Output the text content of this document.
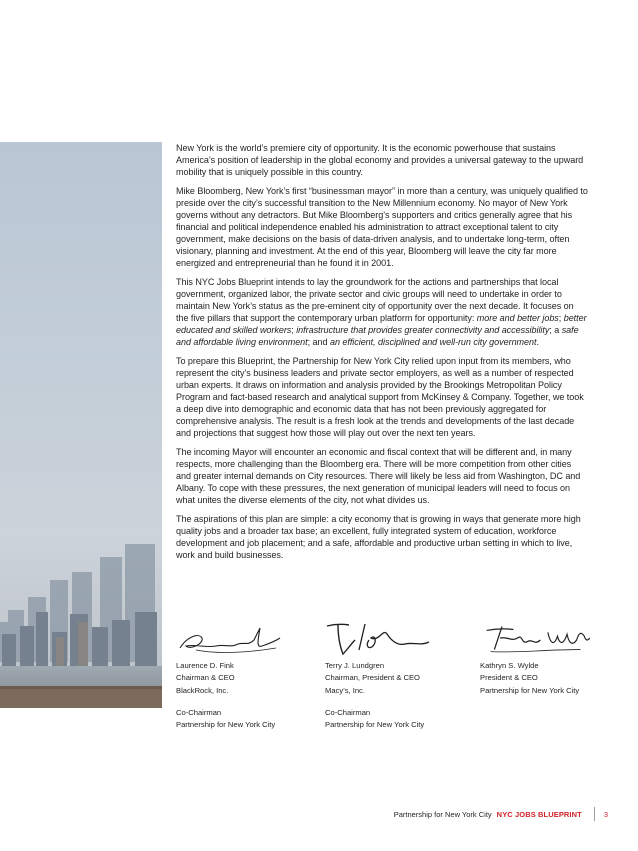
New York is the world’s premiere city of opportunity. It is the economic powerhouse that sustains America’s position of leadership in the global economy and provides a universal gateway to the upward mobility that is uniquely possible in this country.

Mike Bloomberg, New York’s first “businessman mayor” in more than a century, was uniquely qualified to preside over the city’s successful transition to the New Millennium economy. No mayor of New York governs without any detractors. But Mike Bloomberg’s supporters and critics generally agree that his financial and political independence enabled his administration to attract exceptional talent to city government, make decisions on the basis of data-driven analysis, and to undertake long-term, often visionary, planning and investment. At the end of this year, Bloomberg will leave the city far more energized and entrepreneurial than he found it in 2001.

This NYC Jobs Blueprint intends to lay the groundwork for the actions and partnerships that local government, organized labor, the private sector and civic groups will need to undertake in order to maintain New York’s status as the pre-eminent city of opportunity over the next decade. It focuses on the five pillars that support the contemporary urban platform for opportunity: more and better jobs; better educated and skilled workers; infrastructure that provides greater connectivity and accessibility; a safe and affordable living environment; and an efficient, disciplined and well-run city government.

To prepare this Blueprint, the Partnership for New York City relied upon input from its members, who represent the city’s business leaders and private sector employers, as well as a number of respected urban experts. It draws on information and analysis provided by the Brookings Metropolitan Policy Program and fact-based research and analytical support from McKinsey & Company. Together, we took a deep dive into demographic and economic data that has not been previously aggregated for comprehensive analysis. The result is a fresh look at the trends and developments of the last decade and projections that suggest how those will play out over the next ten years.

The incoming Mayor will encounter an economic and fiscal context that will be different and, in many respects, more challenging than the Bloomberg era. There will be more competition from other cities and greater internal demands on City resources. There will likely be less aid from Washington, DC and Albany. To cope with these pressures, the next generation of municipal leaders will need to focus on what unites the diverse elements of the city, not what divides us.

The aspirations of this plan are simple: a city economy that is growing in ways that generate more high quality jobs and a broader tax base; an excellent, fully integrated system of education, workforce development and job placement; and a safe, affordable and productive urban setting in which to live, work and build businesses.

Laurence D. Fink
Chairman & CEO
BlackRock, Inc.
Co-Chairman
Partnership for New York City
Terry J. Lundgren
Chairman, President & CEO
Macy’s, Inc.
Co-Chairman
Partnership for New York City
Kathryn S. Wylde
President & CEO
Partnership for New York City
Partnership for New York City NYC JOBS BLUEPRINT	3
